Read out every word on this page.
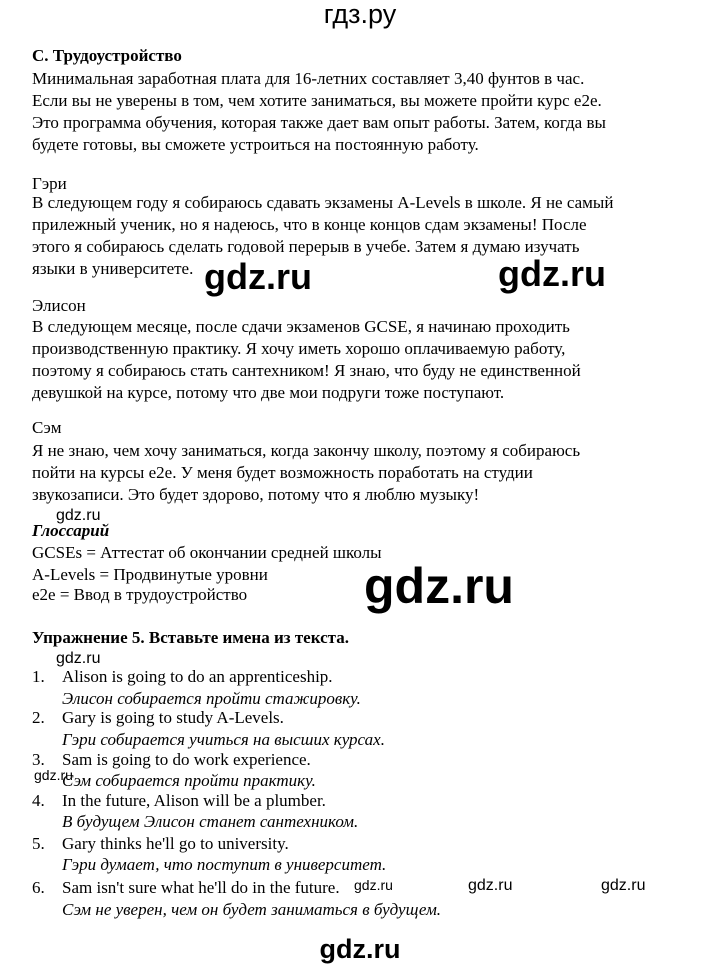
гдз.ру
С. Трудоустройство
Минимальная заработная плата для 16-летних составляет 3,40 фунтов в час.
Если вы не уверены в том, чем хотите заниматься, вы можете пройти курс e2e.
Это программа обучения, которая также дает вам опыт работы. Затем, когда вы
будете готовы, вы сможете устроиться на постоянную работу.
Гэри
В следующем году я собираюсь сдавать экзамены A-Levels в школе. Я не самый
прилежный ученик, но я надеюсь, что в конце концов сдам экзамены! После
этого я собираюсь сделать годовой перерыв в учебе. Затем я думаю изучать
языки в университете. gdz.ru	gdz.ru
Элисон
В следующем месяце, после сдачи экзаменов GCSE, я начинаю проходить
производственную практику. Я хочу иметь хорошо оплачиваемую работу,
поэтому я собираюсь стать сантехником! Я знаю, что буду не единственной
девушкой на курсе, потому что две мои подруги тоже поступают.
Сэм
Я не знаю, чем хочу заниматься, когда закончу школу, поэтому я собираюсь
пойти на курсы e2e. У меня будет возможность поработать на студии
звукозаписи. Это будет здорово, потому что я люблю музыку!
gdz.ru
Глоссарий
GCSEs = Аттестат об окончании средней школы
A-Levels = Продвинутые уровни
e2e = Ввод в трудоустройство gdz.ru
Упражнение 5. Вставьте имена из текста.
gdz.ru
1. Alison is going to do an apprenticeship.
Элисон собирается пройти стажировку.
2. Gary is going to study A-Levels.
Гэри собирается учиться на высших курсах.
3. Sam is going to do work experience.
gdz.ru
Сэм собирается пройти практику.
4. In the future, Alison will be a plumber.
В будущем Элисон станет сантехником.
5. Gary thinks he'll go to university.
Гэри думает, что поступит в университет.
6. Sam isn't sure what he'll do in the future. gdz.ru	gdz.ru	gdz.ru
Сэм не уверен, чем он будет заниматься в будущем.
gdz.ru
